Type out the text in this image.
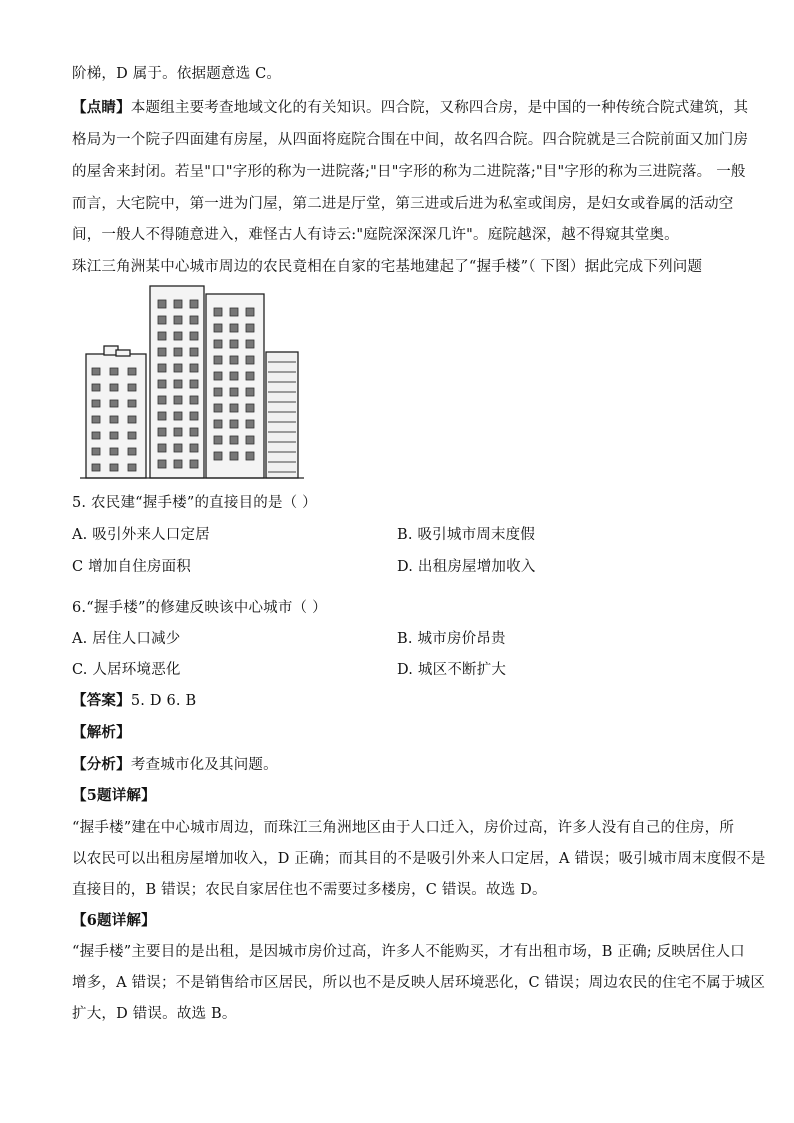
阶梯，D 属于。依据题意选 C。
【点睛】本题组主要考查地域文化的有关知识。四合院，又称四合房，是中国的一种传统合院式建筑，其
格局为一个院子四面建有房屋，从四面将庭院合围在中间，故名四合院。四合院就是三合院前面又加门房
的屋舍来封闭。若呈"口"字形的称为一进院落;"日"字形的称为二进院落;"目"字形的称为三进院落。 一般
而言，大宅院中，第一进为门屋，第二进是厅堂，第三进或后进为私室或闺房，是妇女或眷属的活动空
间，一般人不得随意进入，难怪古人有诗云:"庭院深深深几许"。庭院越深，越不得窥其堂奥。
珠江三角洲某中心城市周边的农民竟相在自家的宅基地建起了“握手楼”（ 下图）据此完成下列问题
5. 农民建“握手楼”的直接目的是（ ）
A. 吸引外来人口定居	B. 吸引城市周末度假
C 增加自住房面积	D. 出租房屋增加收入
6.“握手楼”的修建反映该中心城市（ ）
A. 居住人口减少	B. 城市房价昂贵
C. 人居环境恶化	D. 城区不断扩大
【答案】5. D 6. B
【解析】
【分析】考查城市化及其问题。
【5题详解】
“握手楼”建在中心城市周边，而珠江三角洲地区由于人口迁入，房价过高，许多人没有自己的住房，所
以农民可以出租房屋增加收入，D 正确；而其目的不是吸引外来人口定居，A 错误；吸引城市周末度假不是
直接目的，B 错误；农民自家居住也不需要过多楼房，C 错误。故选 D。
【6题详解】
“握手楼”主要目的是出租，是因城市房价过高，许多人不能购买，才有出租市场，B 正确; 反映居住人口
增多，A 错误；不是销售给市区居民，所以也不是反映人居环境恶化，C 错误；周边农民的住宅不属于城区
扩大，D 错误。故选 B。
